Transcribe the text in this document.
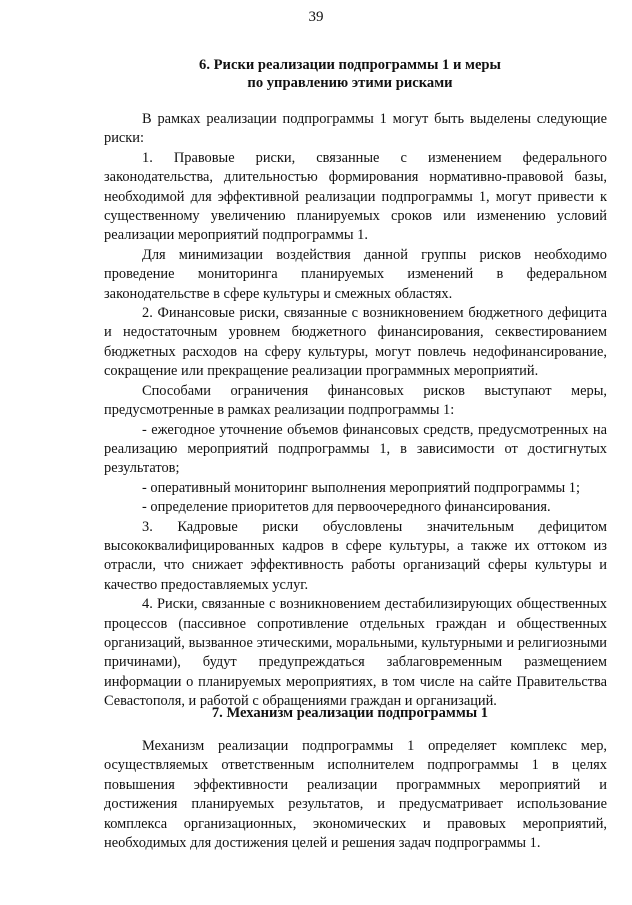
39
6. Риски реализации подпрограммы 1 и меры
по управлению этими рисками

В рамках реализации подпрограммы 1 могут быть выделены следующие риски:

1. Правовые риски, связанные с изменением федерального законодательства, длительностью формирования нормативно-правовой базы, необходимой для эффективной реализации подпрограммы 1, могут привести к существенному увеличению планируемых сроков или изменению условий реализации мероприятий подпрограммы 1.

Для минимизации воздействия данной группы рисков необходимо проведение мониторинга планируемых изменений в федеральном законодательстве в сфере культуры и смежных областях.

2. Финансовые риски, связанные с возникновением бюджетного дефицита и недостаточным уровнем бюджетного финансирования, секвестированием бюджетных расходов на сферу культуры, могут повлечь недофинансирование, сокращение или прекращение реализации программных мероприятий.

Способами ограничения финансовых рисков выступают меры, предусмотренные в рамках реализации подпрограммы 1:

- ежегодное уточнение объемов финансовых средств, предусмотренных на реализацию мероприятий подпрограммы 1, в зависимости от достигнутых результатов;

- оперативный мониторинг выполнения мероприятий подпрограммы 1;

- определение приоритетов для первоочередного финансирования.

3. Кадровые риски обусловлены значительным дефицитом высококвалифицированных кадров в сфере культуры, а также их оттоком из отрасли, что снижает эффективность работы организаций сферы культуры и качество предоставляемых услуг.

4. Риски, связанные с возникновением дестабилизирующих общественных процессов (пассивное сопротивление отдельных граждан и общественных организаций, вызванное этическими, моральными, культурными и религиозными причинами), будут предупреждаться заблаговременным размещением информации о планируемых мероприятиях, в том числе на сайте Правительства Севастополя, и работой с обращениями граждан и организаций.

7. Механизм реализации подпрограммы 1

Механизм реализации подпрограммы 1 определяет комплекс мер, осуществляемых ответственным исполнителем подпрограммы 1 в целях повышения эффективности реализации программных мероприятий и достижения планируемых результатов, и предусматривает использование комплекса организационных, экономических и правовых мероприятий, необходимых для достижения целей и решения задач подпрограммы 1.
